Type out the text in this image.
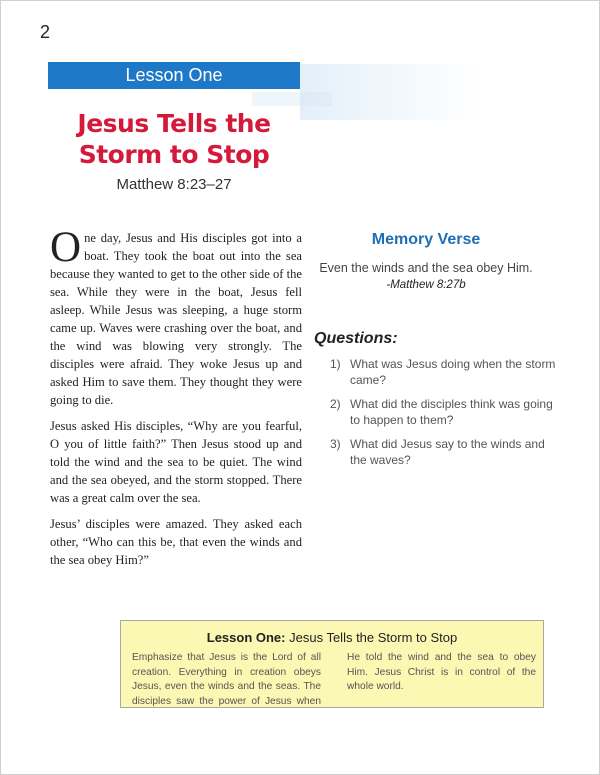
2
Lesson One
Jesus Tells the Storm to Stop
Matthew 8:23–27

One day, Jesus and His disciples got into a boat. They took the boat out into the sea because they wanted to get to the other side of the sea. While they were in the boat, Jesus fell asleep. While Jesus was sleeping, a huge storm came up. Waves were crashing over the boat, and the wind was blowing very strongly. The disciples were afraid. They woke Jesus up and asked Him to save them. They thought they were going to die.

Jesus asked His disciples, “Why are you fearful, O you of little faith?” Then Jesus stood up and told the wind and the sea to be quiet. The wind and the sea obeyed, and the storm stopped. There was a great calm over the sea.

Jesus’ disciples were amazed. They asked each other, “Who can this be, that even the winds and the sea obey Him?”

Memory Verse
Even the winds and the sea obey Him.
-Matthew 8:27b
Questions:
1) What was Jesus doing when the storm came?
2) What did the disciples think was going to happen to them?
3) What did Jesus say to the winds and the waves?
Lesson One: Jesus Tells the Storm to Stop
Emphasize that Jesus is the Lord of all creation. Everything in creation obeys Jesus, even the winds and the seas. The disciples saw the power of Jesus when He told the wind and the sea to obey Him. Jesus Christ is in control of the whole world.
